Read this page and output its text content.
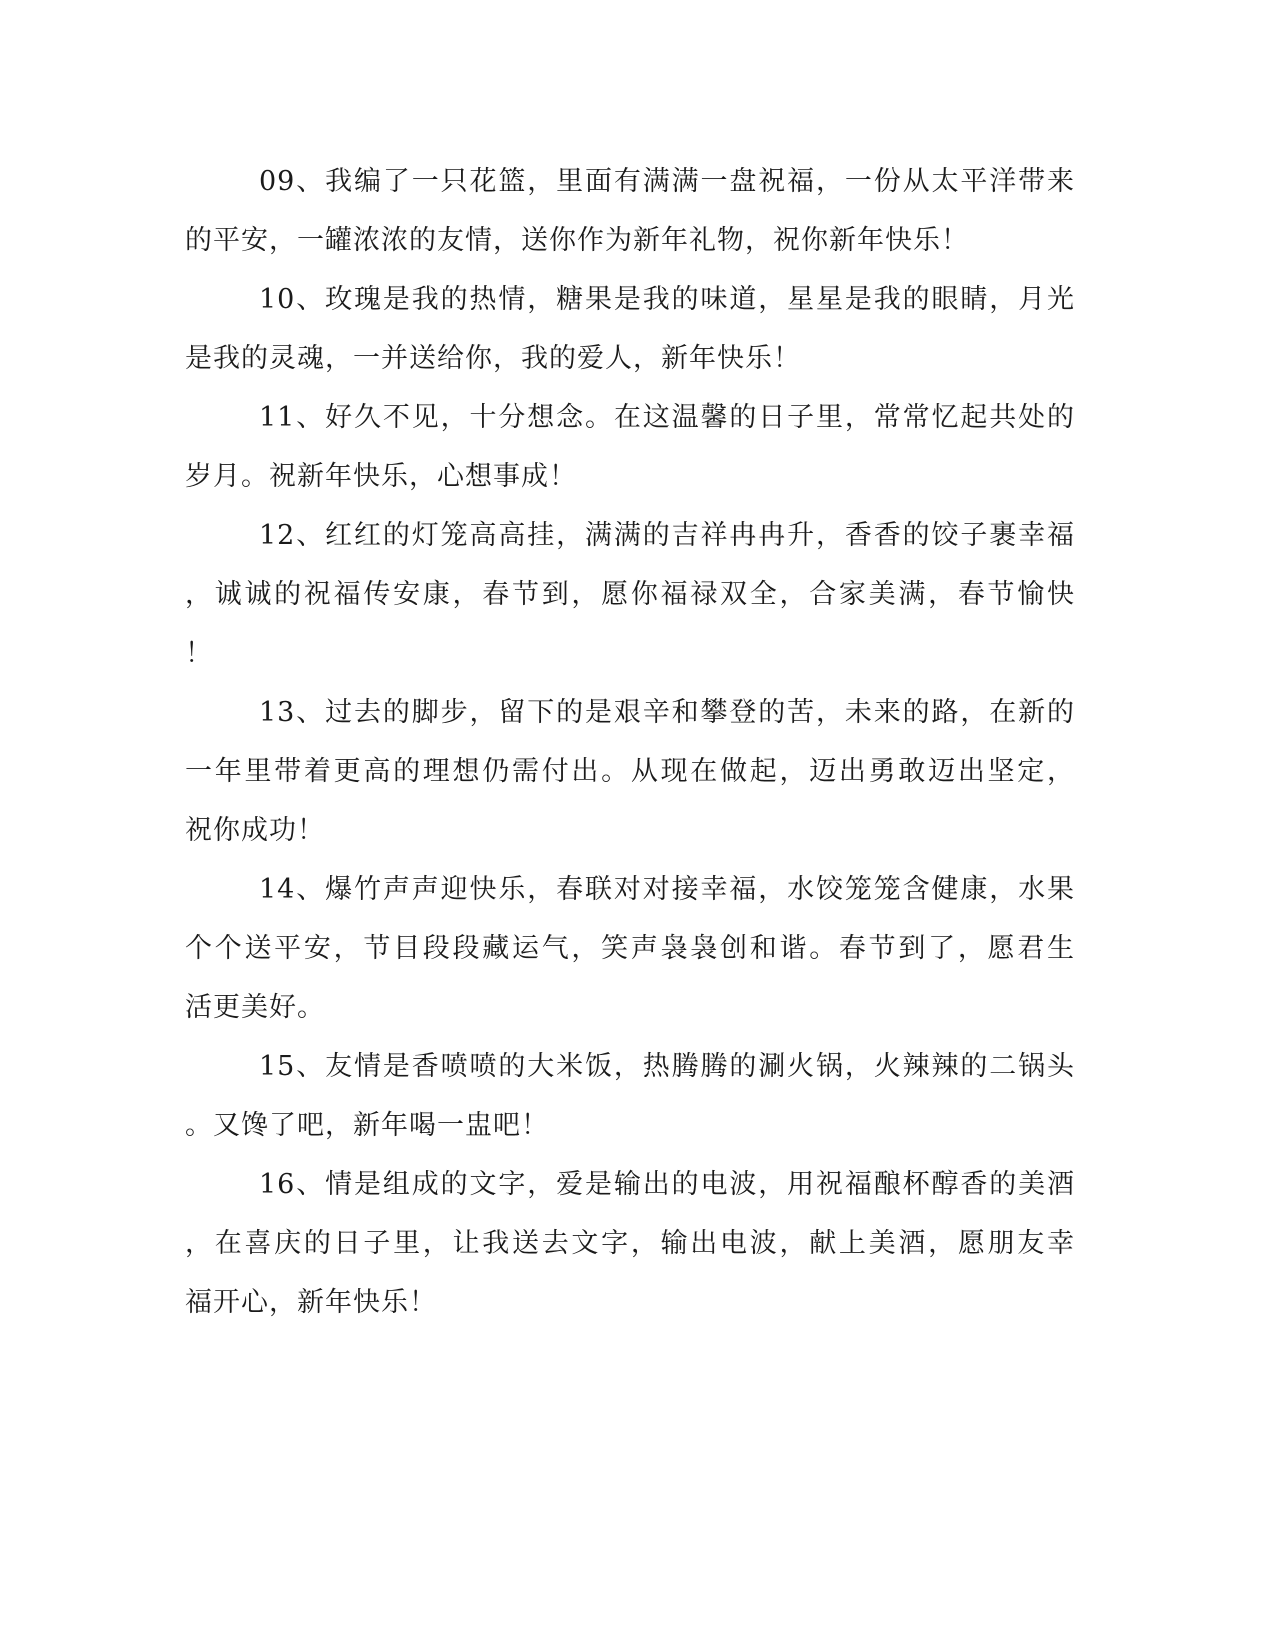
09、我编了一只花篮，里面有满满一盘祝福，一份从太平洋带来
的平安，一罐浓浓的友情，送你作为新年礼物，祝你新年快乐！
10、玫瑰是我的热情，糖果是我的味道，星星是我的眼睛，月光
是我的灵魂，一并送给你，我的爱人，新年快乐！
11、好久不见，十分想念。在这温馨的日子里，常常忆起共处的
岁月。祝新年快乐，心想事成！
12、红红的灯笼高高挂，满满的吉祥冉冉升，香香的饺子裹幸福
，诚诚的祝福传安康，春节到，愿你福禄双全，合家美满，春节愉快
！
13、过去的脚步，留下的是艰辛和攀登的苦，未来的路，在新的
一年里带着更高的理想仍需付出。从现在做起，迈出勇敢迈出坚定，
祝你成功！
14、爆竹声声迎快乐，春联对对接幸福，水饺笼笼含健康，水果
个个送平安，节目段段藏运气，笑声袅袅创和谐。春节到了，愿君生
活更美好。
15、友情是香喷喷的大米饭，热腾腾的涮火锅，火辣辣的二锅头
。又馋了吧，新年喝一盅吧！
16、情是组成的文字，爱是输出的电波，用祝福酿杯醇香的美酒
，在喜庆的日子里，让我送去文字，输出电波，献上美酒，愿朋友幸
福开心，新年快乐！
